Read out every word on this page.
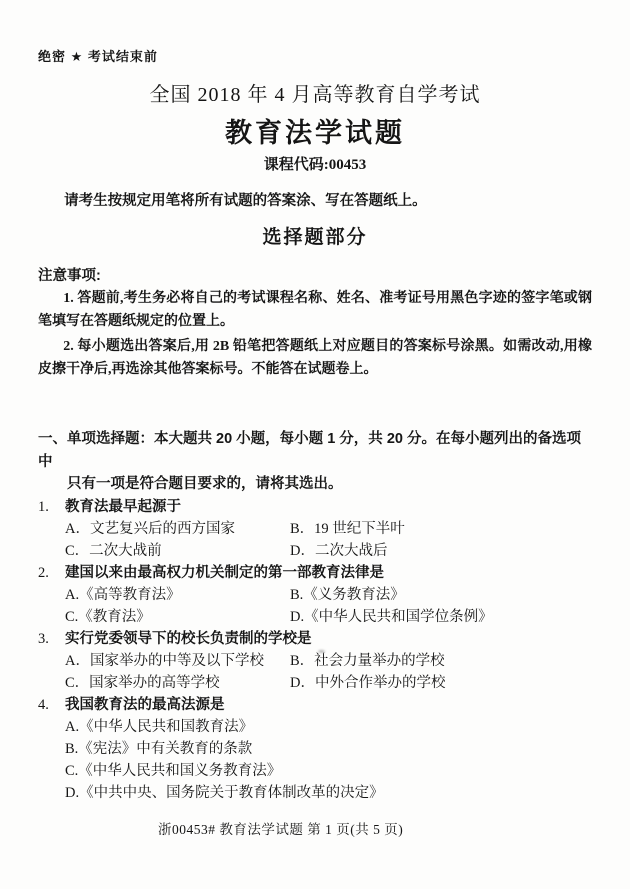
绝密 ★ 考试结束前
全国 2018 年 4 月高等教育自学考试
教育法学试题
课程代码:00453

请考生按规定用笔将所有试题的答案涂、写在答题纸上。

选择题部分
注意事项:

1. 答题前,考生务必将自己的考试课程名称、姓名、准考证号用黑色字迹的签字笔或钢笔填写在答题纸规定的位置上。

2. 每小题选出答案后,用 2B 铅笔把答题纸上对应题目的答案标号涂黑。如需改动,用橡皮擦干净后,再选涂其他答案标号。不能答在试题卷上。

一、单项选择题：本大题共 20 小题，每小题 1 分，共 20 分。在每小题列出的备选项中
只有一项是符合题目要求的，请将其选出。
1.	教育法最早起源于
A．文艺复兴后的西方国家	B．19 世纪下半叶
C．二次大战前	D．二次大战后
2.	建国以来由最高权力机关制定的第一部教育法律是
A.《高等教育法》	B.《义务教育法》
C.《教育法》	D.《中华人民共和国学位条例》
3.	实行党委领导下的校长负责制的学校是
A．国家举办的中等及以下学校	B．社会力量举办的学校
C．国家举办的高等学校	D．中外合作举办的学校
4.	我国教育法的最高法源是
A.《中华人民共和国教育法》
B.《宪法》中有关教育的条款
C.《中华人民共和国义务教育法》
D.《中共中央、国务院关于教育体制改革的决定》
浙00453# 教育法学试题 第 1 页(共 5 页)
